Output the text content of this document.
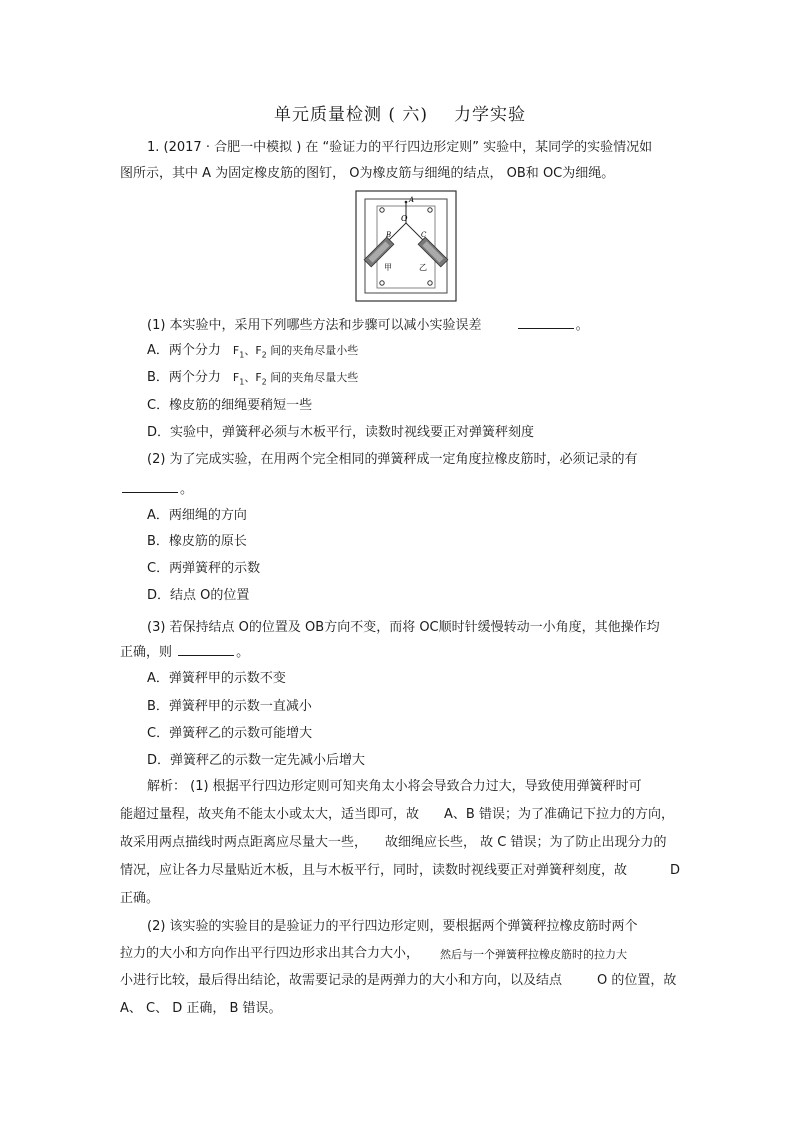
单元质量检测 ( 六) 力学实验
1. (2017 · 合肥一中模拟 ) 在 “验证力的平行四边形定则” 实验中，某同学的实验情况如
图所示，其中 A 为固定橡皮筋的图钉， O为橡皮筋与细绳的结点， OB和 OC为细绳。
A
O
B	C
甲	乙
(1) 本实验中，采用下列哪些方法和步骤可以减小实验误差	。
A．两个分力 $F_1$、$F_2$ 间的夹角尽量小些
B．两个分力 $F_1$、$F_2$ 间的夹角尽量大些
C．橡皮筋的细绳要稍短一些
D．实验中，弹簧秤必须与木板平行，读数时视线要正对弹簧秤刻度
(2) 为了完成实验，在用两个完全相同的弹簧秤成一定角度拉橡皮筋时，必须记录的有
。
A．两细绳的方向
B．橡皮筋的原长
C．两弹簧秤的示数
D．结点 O的位置
(3) 若保持结点 O的位置及 OB方向不变，而将 OC顺时针缓慢转动一小角度，其他操作均
正确，则	。
A．弹簧秤甲的示数不变
B．弹簧秤甲的示数一直减小
C．弹簧秤乙的示数可能增大
D．弹簧秤乙的示数一定先减小后增大
解析： (1) 根据平行四边形定则可知夹角太小将会导致合力过大，导致使用弹簧秤时可
能超过量程，故夹角不能太小或太大，适当即可，故 A、B 错误；为了准确记下拉力的方向，
故采用两点描线时两点距离应尽量大一些， 故细绳应长些， 故 C 错误；为了防止出现分力的
情况，应让各力尽量贴近木板，且与木板平行，同时，读数时视线要正对弹簧秤刻度，故	D
正确。
(2) 该实验的实验目的是验证力的平行四边形定则，要根据两个弹簧秤拉橡皮筋时两个
拉力的大小和方向作出平行四边形求出其合力大小， 然后与一个弹簧秤拉橡皮筋时的拉力大
小进行比较，最后得出结论，故需要记录的是两弹力的大小和方向，以及结点	O 的位置，故
A、 C、 D 正确， B 错误。
